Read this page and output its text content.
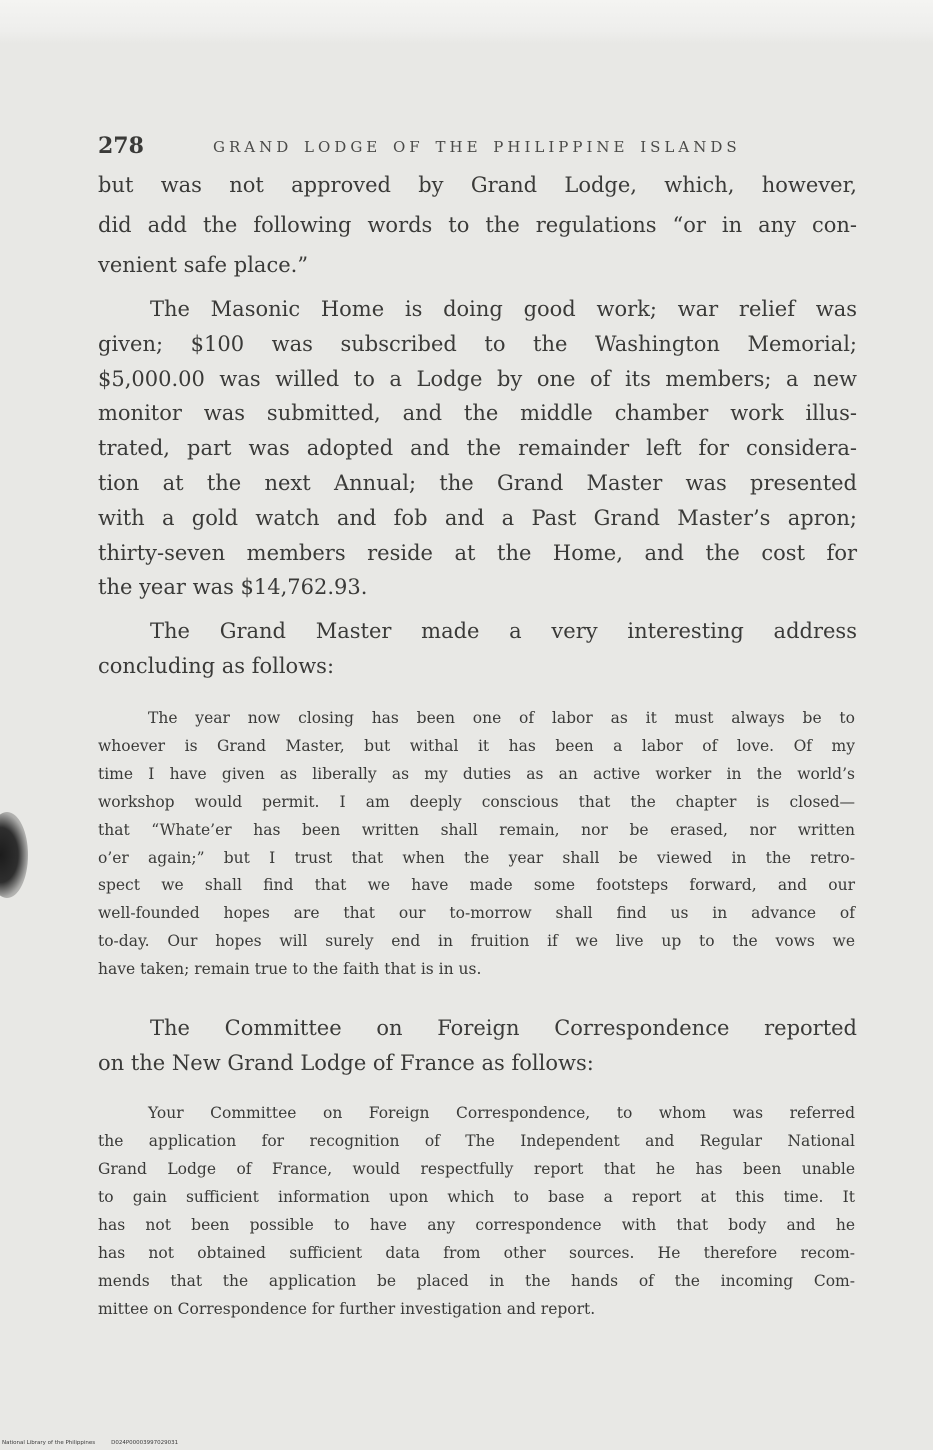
278	GRAND LODGE OF THE PHILIPPINE ISLANDS
but was not approved by Grand Lodge, which, however,
did add the following words to the regulations “or in any con-
venient safe place.”
The Masonic Home is doing good work; war relief was
given; $100 was subscribed to the Washington Memorial;
$5,000.00 was willed to a Lodge by one of its members; a new
monitor was submitted, and the middle chamber work illus-
trated, part was adopted and the remainder left for considera-
tion at the next Annual; the Grand Master was presented
with a gold watch and fob and a Past Grand Master’s apron;
thirty-seven members reside at the Home, and the cost for
the year was $14,762.93.
The Grand Master made a very interesting address
concluding as follows:
The year now closing has been one of labor as it must always be to
whoever is Grand Master, but withal it has been a labor of love. Of my
time I have given as liberally as my duties as an active worker in the world’s
workshop would permit. I am deeply conscious that the chapter is closed—
that “Whate’er has been written shall remain, nor be erased, nor written
o’er again;” but I trust that when the year shall be viewed in the retro-
spect we shall find that we have made some footsteps forward, and our
well-founded hopes are that our to-morrow shall find us in advance of
to-day. Our hopes will surely end in fruition if we live up to the vows we
have taken; remain true to the faith that is in us.
The Committee on Foreign Correspondence reported
on the New Grand Lodge of France as follows:
Your Committee on Foreign Correspondence, to whom was referred
the application for recognition of The Independent and Regular National
Grand Lodge of France, would respectfully report that he has been unable
to gain sufficient information upon which to base a report at this time. It
has not been possible to have any correspondence with that body and he
has not obtained sufficient data from other sources. He therefore recom-
mends that the application be placed in the hands of the incoming Com-
mittee on Correspondence for further investigation and report.
National Library of the Philippines	D024P00003997029031
